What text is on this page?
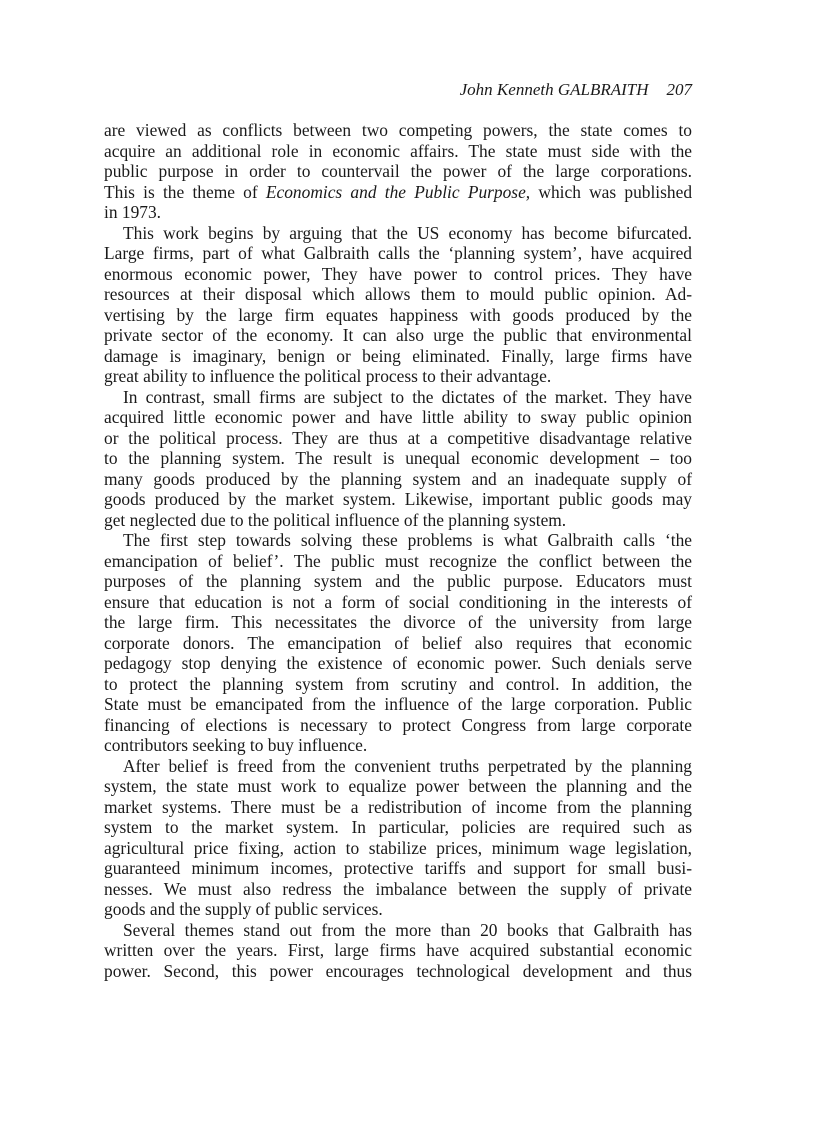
John Kenneth GALBRAITH 207
are viewed as conflicts between two competing powers, the state comes to
acquire an additional role in economic affairs. The state must side with the
public purpose in order to countervail the power of the large corporations.
This is the theme of Economics and the Public Purpose, which was published
in 1973.
This work begins by arguing that the US economy has become bifurcated.
Large firms, part of what Galbraith calls the ‘planning system’, have acquired
enormous economic power, They have power to control prices. They have
resources at their disposal which allows them to mould public opinion. Ad-
vertising by the large firm equates happiness with goods produced by the
private sector of the economy. It can also urge the public that environmental
damage is imaginary, benign or being eliminated. Finally, large firms have
great ability to influence the political process to their advantage.
In contrast, small firms are subject to the dictates of the market. They have
acquired little economic power and have little ability to sway public opinion
or the political process. They are thus at a competitive disadvantage relative
to the planning system. The result is unequal economic development – too
many goods produced by the planning system and an inadequate supply of
goods produced by the market system. Likewise, important public goods may
get neglected due to the political influence of the planning system.
The first step towards solving these problems is what Galbraith calls ‘the
emancipation of belief’. The public must recognize the conflict between the
purposes of the planning system and the public purpose. Educators must
ensure that education is not a form of social conditioning in the interests of
the large firm. This necessitates the divorce of the university from large
corporate donors. The emancipation of belief also requires that economic
pedagogy stop denying the existence of economic power. Such denials serve
to protect the planning system from scrutiny and control. In addition, the
State must be emancipated from the influence of the large corporation. Public
financing of elections is necessary to protect Congress from large corporate
contributors seeking to buy influence.
After belief is freed from the convenient truths perpetrated by the planning
system, the state must work to equalize power between the planning and the
market systems. There must be a redistribution of income from the planning
system to the market system. In particular, policies are required such as
agricultural price fixing, action to stabilize prices, minimum wage legislation,
guaranteed minimum incomes, protective tariffs and support for small busi-
nesses. We must also redress the imbalance between the supply of private
goods and the supply of public services.
Several themes stand out from the more than 20 books that Galbraith has
written over the years. First, large firms have acquired substantial economic
power. Second, this power encourages technological development and thus
